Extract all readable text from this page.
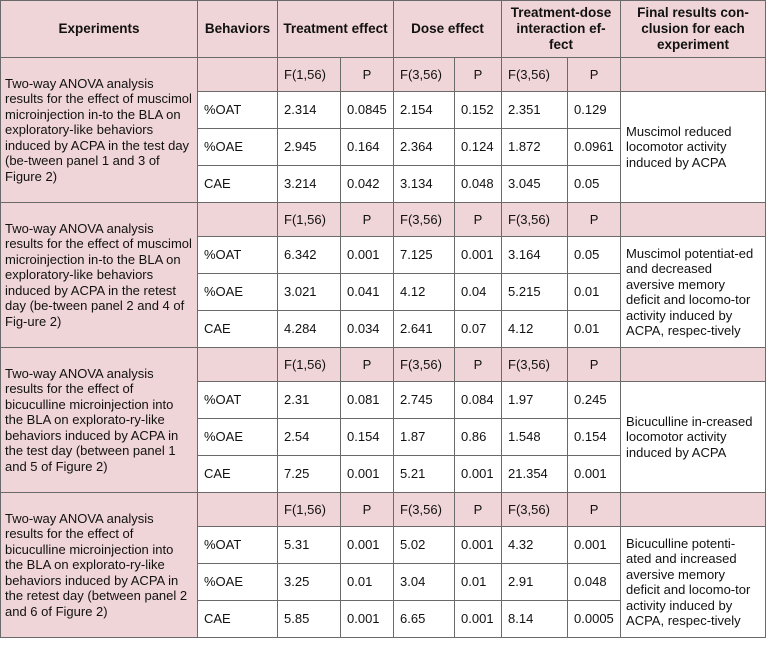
Experiments	Behaviors	Treatment effect		Dose effect		Treatment-dose interaction ef-fect		Final results con-clusion for each experiment
Two-way ANOVA analysis results for the effect of muscimol microinjection in-to the BLA on exploratory-like behaviors induced by ACPA in the test day (be-tween panel 1 and 3 of Figure 2)		F(1,56)	P	F(3,56)	P	F(3,56)	P	
	%OAT	2.314	0.0845	2.154	0.152	2.351	0.129	Muscimol reduced locomotor activity induced by ACPA
	%OAE	2.945	0.164	2.364	0.124	1.872	0.0961	
	CAE	3.214	0.042	3.134	0.048	3.045	0.05	
Two-way ANOVA analysis results for the effect of muscimol microinjection in-to the BLA on exploratory-like behaviors induced by ACPA in the retest day (be-tween panel 2 and 4 of Fig-ure 2)		F(1,56)	P	F(3,56)	P	F(3,56)	P	
	%OAT	6.342	0.001	7.125	0.001	3.164	0.05	Muscimol potentiat-ed and decreased aversive memory deficit and locomo-tor activity induced by ACPA, respec-tively
	%OAE	3.021	0.041	4.12	0.04	5.215	0.01	
	CAE	4.284	0.034	2.641	0.07	4.12	0.01	
Two-way ANOVA analysis results for the effect of bicuculline microinjection into the BLA on explorato-ry-like behaviors induced by ACPA in the test day (between panel 1 and 5 of Figure 2)		F(1,56)	P	F(3,56)	P	F(3,56)	P	
	%OAT	2.31	0.081	2.745	0.084	1.97	0.245	Bicuculline in-creased locomotor activity induced by ACPA
	%OAE	2.54	0.154	1.87	0.86	1.548	0.154	
	CAE	7.25	0.001	5.21	0.001	21.354	0.001	
Two-way ANOVA analysis results for the effect of bicuculline microinjection into the BLA on explorato-ry-like behaviors induced by ACPA in the retest day (between panel 2 and 6 of Figure 2)		F(1,56)	P	F(3,56)	P	F(3,56)	P	
	%OAT	5.31	0.001	5.02	0.001	4.32	0.001	Bicuculline potenti-ated and increased aversive memory deficit and locomo-tor activity induced by ACPA, respec-tively
	%OAE	3.25	0.01	3.04	0.01	2.91	0.048	
	CAE	5.85	0.001	6.65	0.001	8.14	0.0005	
